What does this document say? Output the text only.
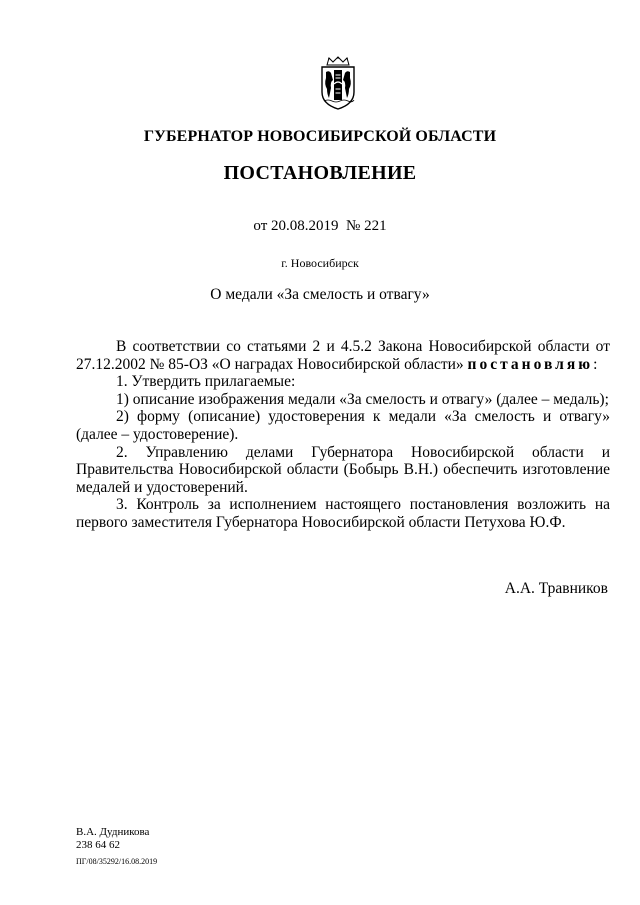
ГУБЕРНАТОР НОВОСИБИРСКОЙ ОБЛАСТИ
ПОСТАНОВЛЕНИЕ
от 20.08.2019 № 221
г. Новосибирск
О медали «За смелость и отвагу»

В соответствии со статьями 2 и 4.5.2 Закона Новосибирской области от 27.12.2002 № 85-ОЗ «О наградах Новосибирской области» постановляю:

1. Утвердить прилагаемые:

1) описание изображения медали «За смелость и отвагу» (далее – медаль);

2) форму (описание) удостоверения к медали «За смелость и отвагу» (далее – удостоверение).

2. Управлению делами Губернатора Новосибирской области и Правительства Новосибирской области (Бобырь В.Н.) обеспечить изготовление медалей и удостоверений.

3. Контроль за исполнением настоящего постановления возложить на первого заместителя Губернатора Новосибирской области Петухова Ю.Ф.

А.А. Травников
В.А. Дудникова
238 64 62
ПГ/08/35292/16.08.2019
